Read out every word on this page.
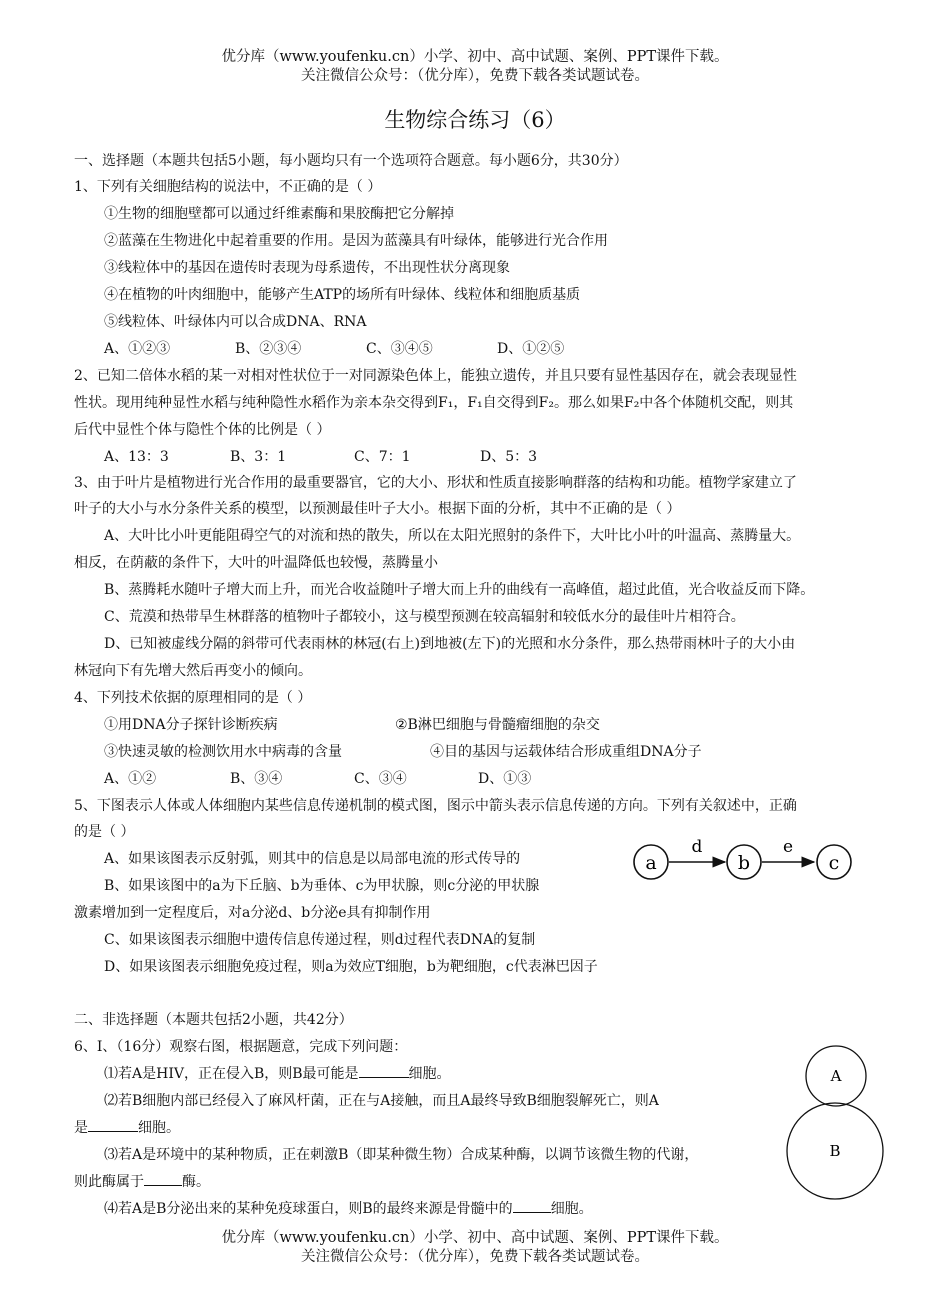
优分库（www.youfenku.cn）小学、初中、高中试题、案例、PPT课件下载。
关注微信公众号：（优分库），免费下载各类试题试卷。
生物综合练习（6）
一、选择题（本题共包括5小题，每小题均只有一个选项符合题意。每小题6分，共30分）
1、下列有关细胞结构的说法中，不正确的是（ ）
①生物的细胞壁都可以通过纤维素酶和果胶酶把它分解掉
②蓝藻在生物进化中起着重要的作用。是因为蓝藻具有叶绿体，能够进行光合作用
③线粒体中的基因在遗传时表现为母系遗传，不出现性状分离现象
④在植物的叶肉细胞中，能够产生ATP的场所有叶绿体、线粒体和细胞质基质
⑤线粒体、叶绿体内可以合成DNA、RNA
A、①②③	B、②③④	C、③④⑤	D、①②⑤
2、已知二倍体水稻的某一对相对性状位于一对同源染色体上，能独立遗传，并且只要有显性基因存在，就会表现显性
性状。现用纯种显性水稻与纯种隐性水稻作为亲本杂交得到F₁，F₁自交得到F₂。那么如果F₂中各个体随机交配，则其
后代中显性个体与隐性个体的比例是（ ）
A、13：3	B、3：1	C、7：1	D、5：3
3、由于叶片是植物进行光合作用的最重要器官，它的大小、形状和性质直接影响群落的结构和功能。植物学家建立了
叶子的大小与水分条件关系的模型，以预测最佳叶子大小。根据下面的分析，其中不正确的是（ ）
A、大叶比小叶更能阻碍空气的对流和热的散失，所以在太阳光照射的条件下，大叶比小叶的叶温高、蒸腾量大。
相反，在荫蔽的条件下，大叶的叶温降低也较慢，蒸腾量小
B、蒸腾耗水随叶子增大而上升，而光合收益随叶子增大而上升的曲线有一高峰值，超过此值，光合收益反而下降。
C、荒漠和热带旱生林群落的植物叶子都较小，这与模型预测在较高辐射和较低水分的最佳叶片相符合。
D、已知被虚线分隔的斜带可代表雨林的林冠(右上)到地被(左下)的光照和水分条件，那么热带雨林叶子的大小由
林冠向下有先增大然后再变小的倾向。
4、下列技术依据的原理相同的是（ ）
①用DNA分子探针诊断疾病	②B淋巴细胞与骨髓瘤细胞的杂交
③快速灵敏的检测饮用水中病毒的含量	④目的基因与运载体结合形成重组DNA分子
A、①②	B、③④	C、③④	D、①③
5、下图表示人体或人体细胞内某些信息传递机制的模式图，图示中箭头表示信息传递的方向。下列有关叙述中，正确
的是（ ）
A、如果该图表示反射弧，则其中的信息是以局部电流的形式传导的
B、如果该图中的a为下丘脑、b为垂体、c为甲状腺，则c分泌的甲状腺
激素增加到一定程度后，对a分泌d、b分泌e具有抑制作用
C、如果该图表示细胞中遗传信息传递过程，则d过程代表DNA的复制
D、如果该图表示细胞免疫过程，则a为效应T细胞，b为靶细胞，c代表淋巴因子
a
d
b
e
c
二、非选择题（本题共包括2小题，共42分）
6、Ⅰ、（16分）观察右图，根据题意，完成下列问题：
⑴若A是HIV，正在侵入B，则B最可能是	细胞。
⑵若B细胞内部已经侵入了麻风杆菌，正在与A接触，而且A最终导致B细胞裂解死亡，则A
是	细胞。
⑶若A是环境中的某种物质，正在刺激B（即某种微生物）合成某种酶，以调节该微生物的代谢，
则此酶属于	酶。
⑷若A是B分泌出来的某种免疫球蛋白，则B的最终来源是骨髓中的	细胞。
A
B
优分库（www.youfenku.cn）小学、初中、高中试题、案例、PPT课件下载。
关注微信公众号：（优分库），免费下载各类试题试卷。
